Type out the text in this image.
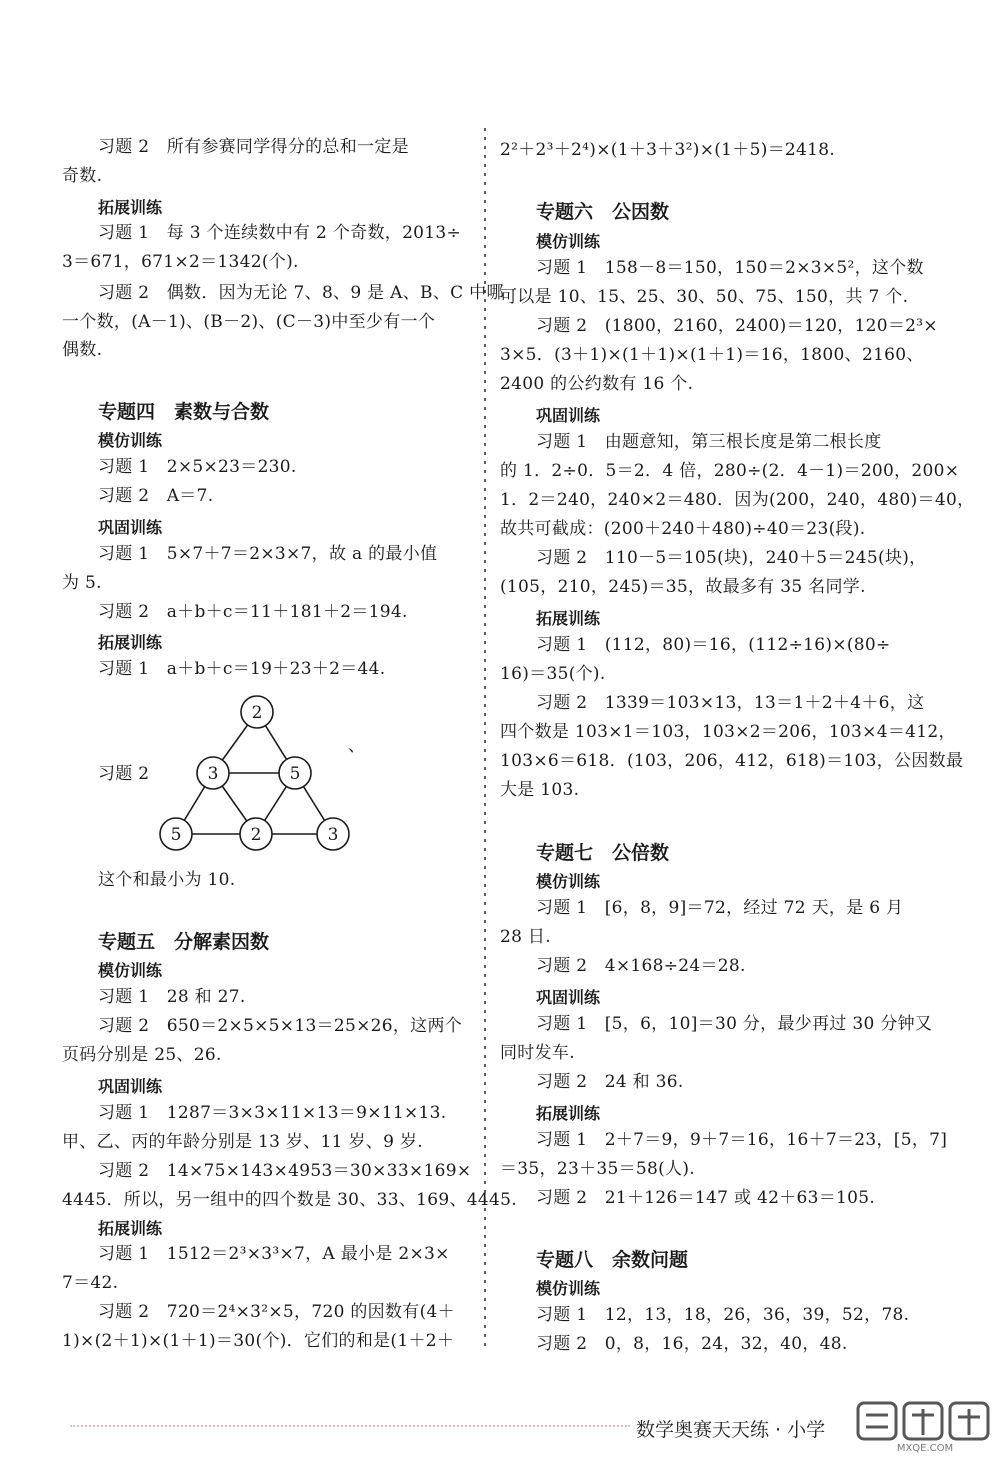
习题 2　所有参赛同学得分的总和一定是
奇数.
拓展训练
习题 1　每 3 个连续数中有 2 个奇数，2013÷
3＝671，671×2＝1342(个).
习题 2　偶数．因为无论 7、8、9 是 A、B、C 中哪
一个数，(A－1)、(B－2)、(C－3)中至少有一个
偶数.
专题四　素数与合数
模仿训练
习题 1　2×5×23＝230.
习题 2　A＝7.
巩固训练
习题 1　5×7＋7＝2×3×7，故 a 的最小值
为 5.
习题 2　a＋b＋c＝11＋181＋2＝194.
拓展训练
习题 1　a＋b＋c＝19＋23＋2＝44.
习题 2
、
2
3	5
5	2	3
这个和最小为 10.
专题五　分解素因数
模仿训练
习题 1　28 和 27.
习题 2　650＝2×5×5×13＝25×26，这两个
页码分别是 25、26.
巩固训练
习题 1　1287＝3×3×11×13＝9×11×13.
甲、乙、丙的年龄分别是 13 岁、11 岁、9 岁.
习题 2　14×75×143×4953＝30×33×169×
4445．所以，另一组中的四个数是 30、33、169、4445.
拓展训练
习题 1　1512＝2³×3³×7，A 最小是 2×3×
7＝42.
习题 2　720＝2⁴×3²×5，720 的因数有(4＋
1)×(2＋1)×(1＋1)＝30(个)．它们的和是(1＋2＋
2²＋2³＋2⁴)×(1＋3＋3²)×(1＋5)＝2418.
专题六　公因数
模仿训练
习题 1　158－8＝150，150＝2×3×5²，这个数
可以是 10、15、25、30、50、75、150，共 7 个.
习题 2　(1800，2160，2400)＝120，120＝2³×
3×5．(3＋1)×(1＋1)×(1＋1)＝16，1800、2160、
2400 的公约数有 16 个.
巩固训练
习题 1　由题意知，第三根长度是第二根长度
的 1．2÷0．5＝2．4 倍，280÷(2．4－1)＝200，200×
1．2＝240，240×2＝480．因为(200，240，480)＝40，
故共可截成：(200＋240＋480)÷40＝23(段).
习题 2　110－5＝105(块)，240＋5＝245(块)，
(105，210，245)＝35，故最多有 35 名同学.
拓展训练
习题 1　(112，80)＝16，(112÷16)×(80÷
16)＝35(个).
习题 2　1339＝103×13，13＝1＋2＋4＋6，这
四个数是 103×1＝103，103×2＝206，103×4＝412，
103×6＝618．(103，206，412，618)＝103，公因数最
大是 103.
专题七　公倍数
模仿训练
习题 1　[6，8，9]＝72，经过 72 天，是 6 月
28 日.
习题 2　4×168÷24＝28.
巩固训练
习题 1　[5，6，10]＝30 分，最少再过 30 分钟又
同时发车.
习题 2　24 和 36.
拓展训练
习题 1　2＋7＝9，9＋7＝16，16＋7＝23，[5，7]
＝35，23＋35＝58(人).
习题 2　21＋126＝147 或 42＋63＝105.
专题八　余数问题
模仿训练
习题 1　12，13，18，26，36，39，52，78.
习题 2　0，8，16，24，32，40，48.
数学奥赛天天练 · 小学
MXQE.COM
